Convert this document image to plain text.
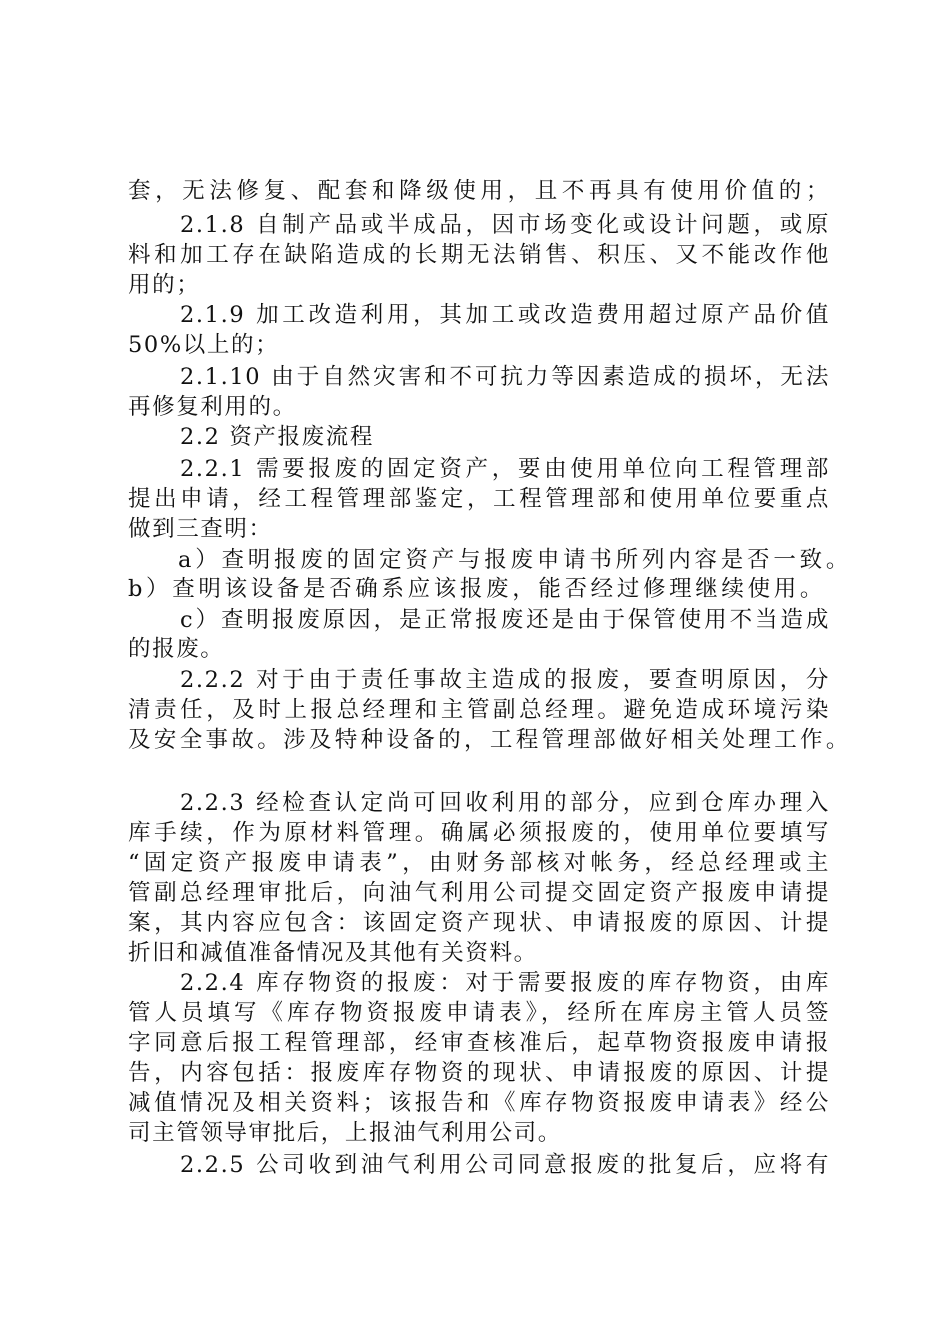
套，无法修复、配套和降级使用，且不再具有使用价值的；
2.1.8 自制产品或半成品，因市场变化或设计问题，或原
料和加工存在缺陷造成的长期无法销售、积压、又不能改作他
用的；
2.1.9 加工改造利用，其加工或改造费用超过原产品价值
50%以上的；
2.1.10 由于自然灾害和不可抗力等因素造成的损坏，无法
再修复利用的。
2.2 资产报废流程
2.2.1 需要报废的固定资产，要由使用单位向工程管理部
提出申请，经工程管理部鉴定，工程管理部和使用单位要重点
做到三查明：
a）查明报废的固定资产与报废申请书所列内容是否一致。
b）查明该设备是否确系应该报废，能否经过修理继续使用。
c）查明报废原因，是正常报废还是由于保管使用不当造成
的报废。
2.2.2 对于由于责任事故主造成的报废，要查明原因，分
清责任，及时上报总经理和主管副总经理。避免造成环境污染
及安全事故。涉及特种设备的，工程管理部做好相关处理工作。
2.2.3 经检查认定尚可回收利用的部分，应到仓库办理入
库手续，作为原材料管理。确属必须报废的，使用单位要填写
“固定资产报废申请表”，由财务部核对帐务，经总经理或主
管副总经理审批后，向油气利用公司提交固定资产报废申请提
案，其内容应包含：该固定资产现状、申请报废的原因、计提
折旧和减值准备情况及其他有关资料。
2.2.4 库存物资的报废：对于需要报废的库存物资，由库
管人员填写《库存物资报废申请表》，经所在库房主管人员签
字同意后报工程管理部，经审查核准后，起草物资报废申请报
告，内容包括：报废库存物资的现状、申请报废的原因、计提
减值情况及相关资料；该报告和《库存物资报废申请表》经公
司主管领导审批后，上报油气利用公司。
2.2.5 公司收到油气利用公司同意报废的批复后，应将有
